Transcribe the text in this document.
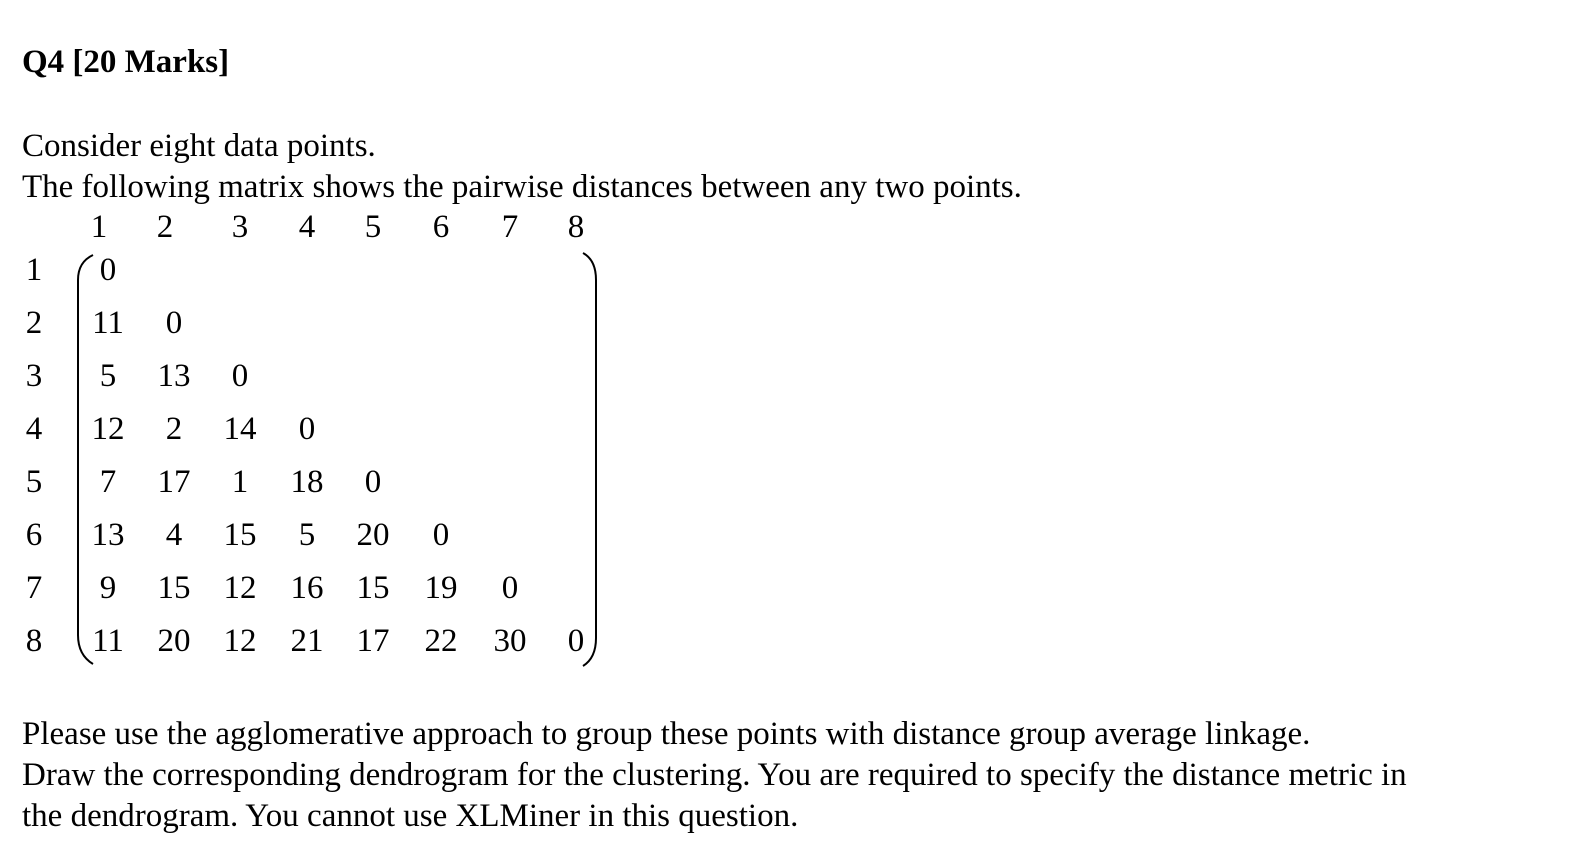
Q4 [20 Marks]
Consider eight data points.
The following matrix shows the pairwise distances between any two points.
1 2 3 4 5 6 7 8
1
2
3
4
5
6
7
8
0
11 0
5 13 0
12 2 14 0
7 17 1 18 0
13 4 15 5 20 0
9 15 12 16 15 19 0
11 20 12 21 17 22 30 0
Please use the agglomerative approach to group these points with distance group average linkage.
Draw the corresponding dendrogram for the clustering. You are required to specify the distance metric in
the dendrogram. You cannot use XLMiner in this question.
